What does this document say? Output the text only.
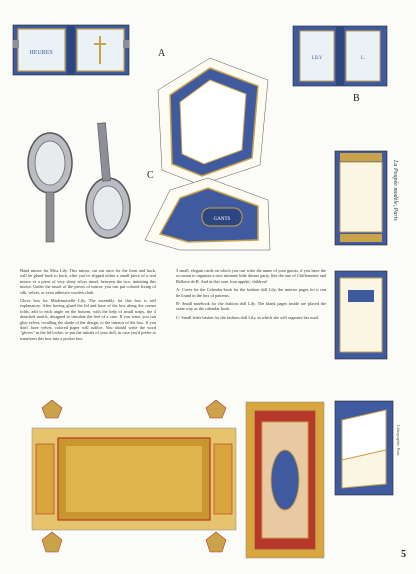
HEURES
LILY	L.
B
A
C
GANTS	La Poupée modèle, Paris
Lithographie, Paris

Hand mirror for Miss Lily. This mirror, cut out once for the front and back, will be glued back to back, after you've slipped either a small piece of a real mirror or a piece of very shiny silver tinsel, between the two, imitating this mirror. Under the tassel of the pieces of mirror, you can put colored fixing of silk, velvet, or even adhesive woolen cloth.

Glove box for Mademoiselle Lily. The assembly for this box is self explanatory. After having glued the lid and base of the box along the corner folds, add to each angle on the bottom, with the help of small strips, the 4 detached motifs, designed to simulate the feet of a case. If you want, you can glue velvet, recalling the shade of the design, to the interior of the box. If you don't have velvet, colored paper will suffice. You should write the word "gloves" in the lid locker, or put the initials of your doll, in case you'd prefer to transform this box into a pocket box.

3 small, elegant cards on which you can write the name of your guests, if you have the occasion to organize a nice intimate little dinner party, like the one of Chiffonnette and Bellotte de B. And in this case, bon appétit, children!

A- Cover for the Calendar book for the fashion doll Lily, the interior pages for it can be found in the box of patterns.

B- Small notebook for the fashion doll Lily. The blank pages inside are placed the same way as the calendar book.

C- Small letter basket for the fashion doll Lily, in which she will organize her mail.

5
